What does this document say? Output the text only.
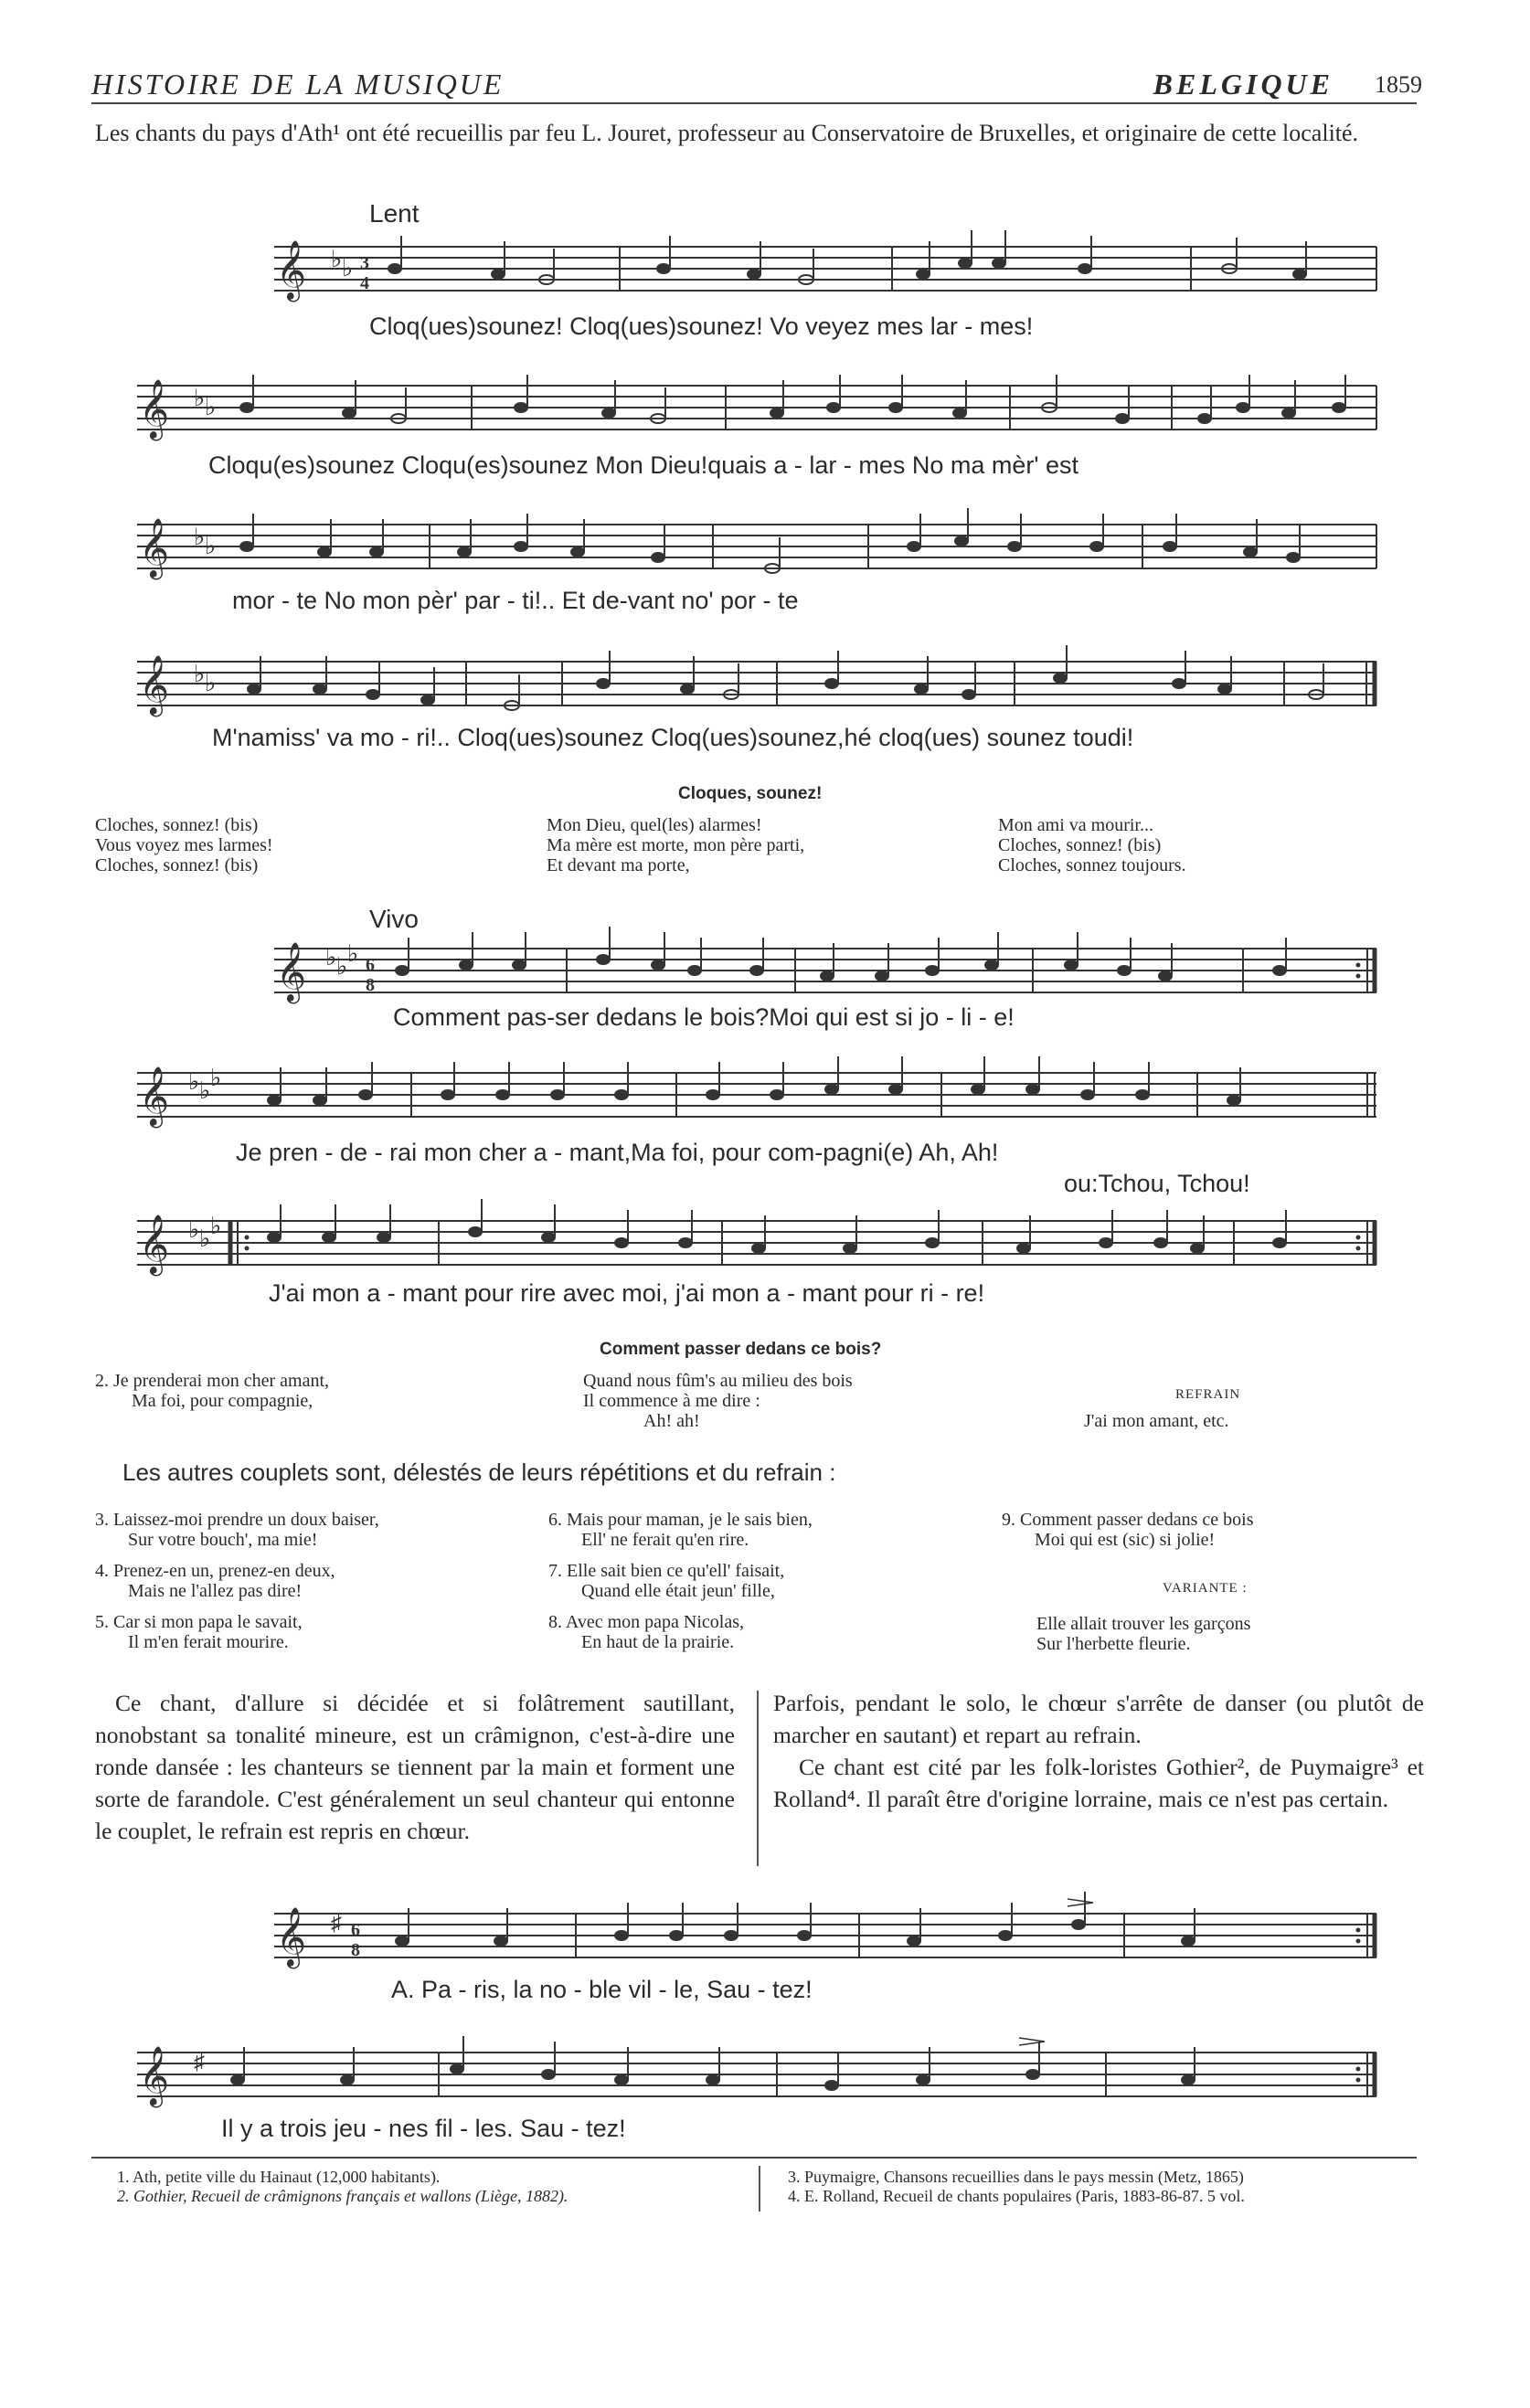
HISTOIRE DE LA MUSIQUE	BELGIQUE 1859
Les chants du pays d'Ath¹ ont été recueillis par feu L. Jouret, professeur au Conservatoire de Bruxelles, et originaire de cette localité.
Lent
𝄞 ♭ ♭ 3
4
Cloq(ues)sounez! Cloq(ues)sounez! Vo veyez mes lar - mes!
𝄞 ♭ ♭
Cloqu(es)sounez Cloqu(es)sounez Mon Dieu!quais a - lar - mes No ma mèr' est
𝄞 ♭ ♭
mor - te No mon pèr' par - ti!.. Et de-vant no' por - te
𝄞 ♭ ♭
M'namiss' va mo - ri!.. Cloq(ues)sounez Cloq(ues)sounez,hé cloq(ues) sounez toudi!
Cloques, sounez!
Cloches, sonnez! (bis)
Vous voyez mes larmes!
Cloches, sonnez! (bis)
Mon Dieu, quel(les) alarmes!
Ma mère est morte, mon père parti,
Et devant ma porte,
Mon ami va mourir...
Cloches, sonnez! (bis)
Cloches, sonnez toujours.
Vivo
𝄞 ♭ ♭ ♭ 6
8
Comment pas-ser dedans le bois?Moi qui est si jo - li - e!
𝄞 ♭ ♭ ♭
Je pren - de - rai mon cher a - mant,Ma foi, pour com-pagni(e) Ah, Ah!
ou:Tchou, Tchou!
𝄞 ♭ ♭ ♭
J'ai mon a - mant pour rire avec moi, j'ai mon a - mant pour ri - re!
Comment passer dedans ce bois?
2. Je prenderai mon cher amant,
Ma foi, pour compagnie,
Quand nous fûm's au milieu des bois
Il commence à me dire :
Ah! ah!
REFRAIN
J'ai mon amant, etc.
Les autres couplets sont, délestés de leurs répétitions et du refrain :
3. Laissez-moi prendre un doux baiser,
Sur votre bouch', ma mie!
4. Prenez-en un, prenez-en deux,
Mais ne l'allez pas dire!
5. Car si mon papa le savait,
Il m'en ferait mourire.
6. Mais pour maman, je le sais bien,
Ell' ne ferait qu'en rire.
7. Elle sait bien ce qu'ell' faisait,
Quand elle était jeun' fille,
8. Avec mon papa Nicolas,
En haut de la prairie.
9. Comment passer dedans ce bois
Moi qui est (sic) si jolie!
VARIANTE :
Elle allait trouver les garçons
Sur l'herbette fleurie.

Ce chant, d'allure si décidée et si folâtrement sautillant, nonobstant sa tonalité mineure, est un crâmignon, c'est-à-dire une ronde dansée : les chanteurs se tiennent par la main et forment une sorte de farandole. C'est généralement un seul chanteur qui entonne le couplet, le refrain est repris en chœur.

Parfois, pendant le solo, le chœur s'arrête de danser (ou plutôt de marcher en sautant) et repart au refrain.

Ce chant est cité par les folk-loristes Gothier², de Puymaigre³ et Rolland⁴. Il paraît être d'origine lorraine, mais ce n'est pas certain.

𝄞 ♯ 6
8
A. Pa - ris, la no - ble vil - le, Sau - tez!
𝄞 ♯
Il y a trois jeu - nes fil - les. Sau - tez!
1. Ath, petite ville du Hainaut (12,000 habitants).
2. Gothier, Recueil de crâmignons français et wallons (Liège, 1882).
3. Puymaigre, Chansons recueillies dans le pays messin (Metz, 1865)
4. E. Rolland, Recueil de chants populaires (Paris, 1883-86-87. 5 vol.
